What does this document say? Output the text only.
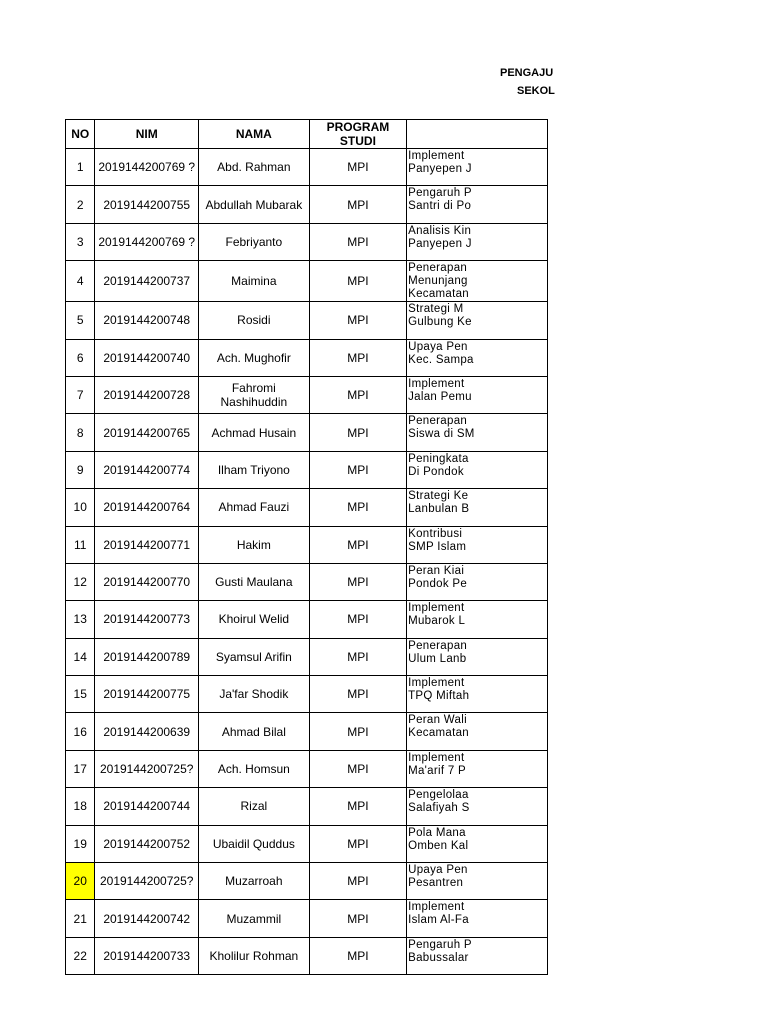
PENGAJU
SEKOL
NO	NIM	NAMA	PROGRAM STUDI	
1	2019144200769 ?	Abd. Rahman	MPI	Implement
Panyepen J
2	2019144200755	Abdullah Mubarak	MPI	Pengaruh P
Santri di Po
3	2019144200769 ?	Febriyanto	MPI	Analisis Kin
Panyepen J
4	2019144200737	Maimina	MPI	Penerapan
Menunjang
Kecamatan
5	2019144200748	Rosidi	MPI	Strategi M
Gulbung Ke
6	2019144200740	Ach. Mughofir	MPI	Upaya Pen
Kec. Sampa
7	2019144200728	Fahromi Nashihuddin	MPI	Implement
Jalan Pemu
8	2019144200765	Achmad Husain	MPI	Penerapan
Siswa di SM
9	2019144200774	Ilham Triyono	MPI	Peningkata
Di Pondok
10	2019144200764	Ahmad Fauzi	MPI	Strategi Ke
Lanbulan B
11	2019144200771	Hakim	MPI	Kontribusi
SMP Islam
12	2019144200770	Gusti Maulana	MPI	Peran Kiai
Pondok Pe
13	2019144200773	Khoirul Welid	MPI	Implement
Mubarok L
14	2019144200789	Syamsul Arifin	MPI	Penerapan
Ulum Lanb
15	2019144200775	Ja'far Shodik	MPI	Implement
TPQ Miftah
16	2019144200639	Ahmad Bilal	MPI	Peran Wali
Kecamatan
17	2019144200725?	Ach. Homsun	MPI	Implement
Ma'arif 7 P
18	2019144200744	Rizal	MPI	Pengelolaa
Salafiyah S
19	2019144200752	Ubaidil Quddus	MPI	Pola Mana
Omben Kal
20	2019144200725?	Muzarroah	MPI	Upaya Pen
Pesantren
21	2019144200742	Muzammil	MPI	Implement
Islam Al-Fa
22	2019144200733	Kholilur Rohman	MPI	Pengaruh P
Babussalar
